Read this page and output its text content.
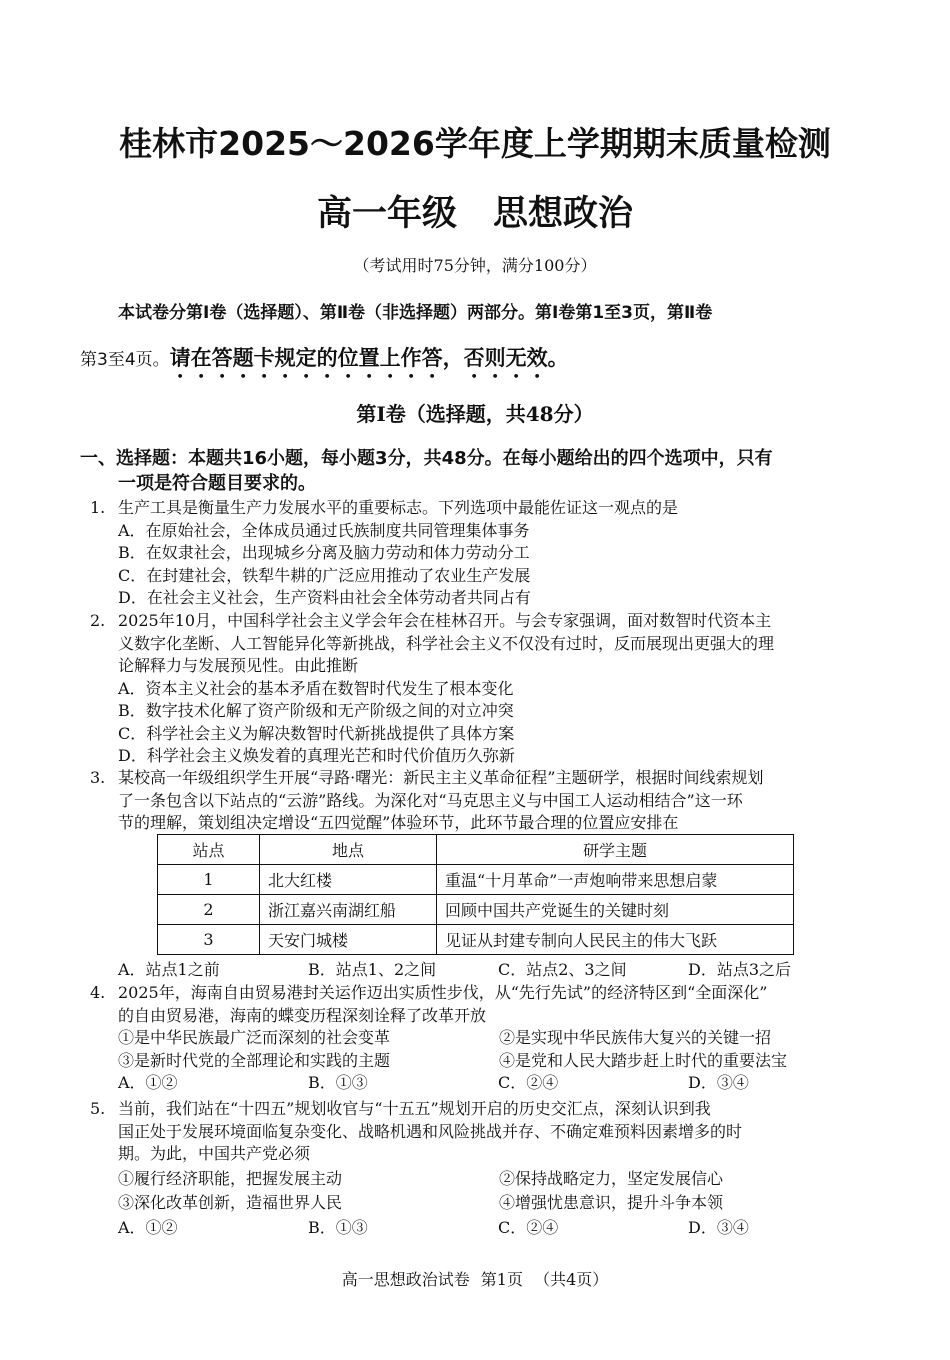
桂林市2025～2026学年度上学期期末质量检测
高一年级 思想政治
（考试用时75分钟，满分100分）
本试卷分第Ⅰ卷（选择题）、第Ⅱ卷（非选择题）两部分。第Ⅰ卷第1至3页，第Ⅱ卷
第3至4页。请在答题卡规定的位置上作答，否则无效。
第Ⅰ卷（选择题，共48分）
一、选择题：本题共16小题，每小题3分，共48分。在每小题给出的四个选项中，只有
一项是符合题目要求的。
1. 生产工具是衡量生产力发展水平的重要标志。下列选项中最能佐证这一观点的是
A．在原始社会，全体成员通过氏族制度共同管理集体事务
B．在奴隶社会，出现城乡分离及脑力劳动和体力劳动分工
C．在封建社会，铁犁牛耕的广泛应用推动了农业生产发展
D．在社会主义社会，生产资料由社会全体劳动者共同占有
2. 2025年10月，中国科学社会主义学会年会在桂林召开。与会专家强调，面对数智时代资本主
义数字化垄断、人工智能异化等新挑战，科学社会主义不仅没有过时，反而展现出更强大的理
论解释力与发展预见性。由此推断
A．资本主义社会的基本矛盾在数智时代发生了根本变化
B．数字技术化解了资产阶级和无产阶级之间的对立冲突
C．科学社会主义为解决数智时代新挑战提供了具体方案
D．科学社会主义焕发着的真理光芒和时代价值历久弥新
3. 某校高一年级组织学生开展“寻路·曙光：新民主主义革命征程”主题研学，根据时间线索规划
了一条包含以下站点的“云游”路线。为深化对“马克思主义与中国工人运动相结合”这一环
节的理解，策划组决定增设“五四觉醒”体验环节，此环节最合理的位置应安排在
站点	地点	研学主题
1	北大红楼	重温“十月革命”一声炮响带来思想启蒙
2	浙江嘉兴南湖红船	回顾中国共产党诞生的关键时刻
3	天安门城楼	见证从封建专制向人民民主的伟大飞跃
A．站点1之前	B．站点1、2之间	C．站点2、3之间	D．站点3之后
4. 2025年，海南自由贸易港封关运作迈出实质性步伐，从“先行先试”的经济特区到“全面深化”
的自由贸易港，海南的蝶变历程深刻诠释了改革开放
①是中华民族最广泛而深刻的社会变革	②是实现中华民族伟大复兴的关键一招
③是新时代党的全部理论和实践的主题	④是党和人民大踏步赶上时代的重要法宝
A．①②	B．①③	C．②④	D．③④
5. 当前，我们站在“十四五”规划收官与“十五五”规划开启的历史交汇点，深刻认识到我
国正处于发展环境面临复杂变化、战略机遇和风险挑战并存、不确定难预料因素增多的时
期。为此，中国共产党必须
①履行经济职能，把握发展主动	②保持战略定力，坚定发展信心
③深化改革创新，造福世界人民	④增强忧患意识，提升斗争本领
A．①②	B．①③	C．②④	D．③④
高一思想政治试卷 第1页 （共4页）
